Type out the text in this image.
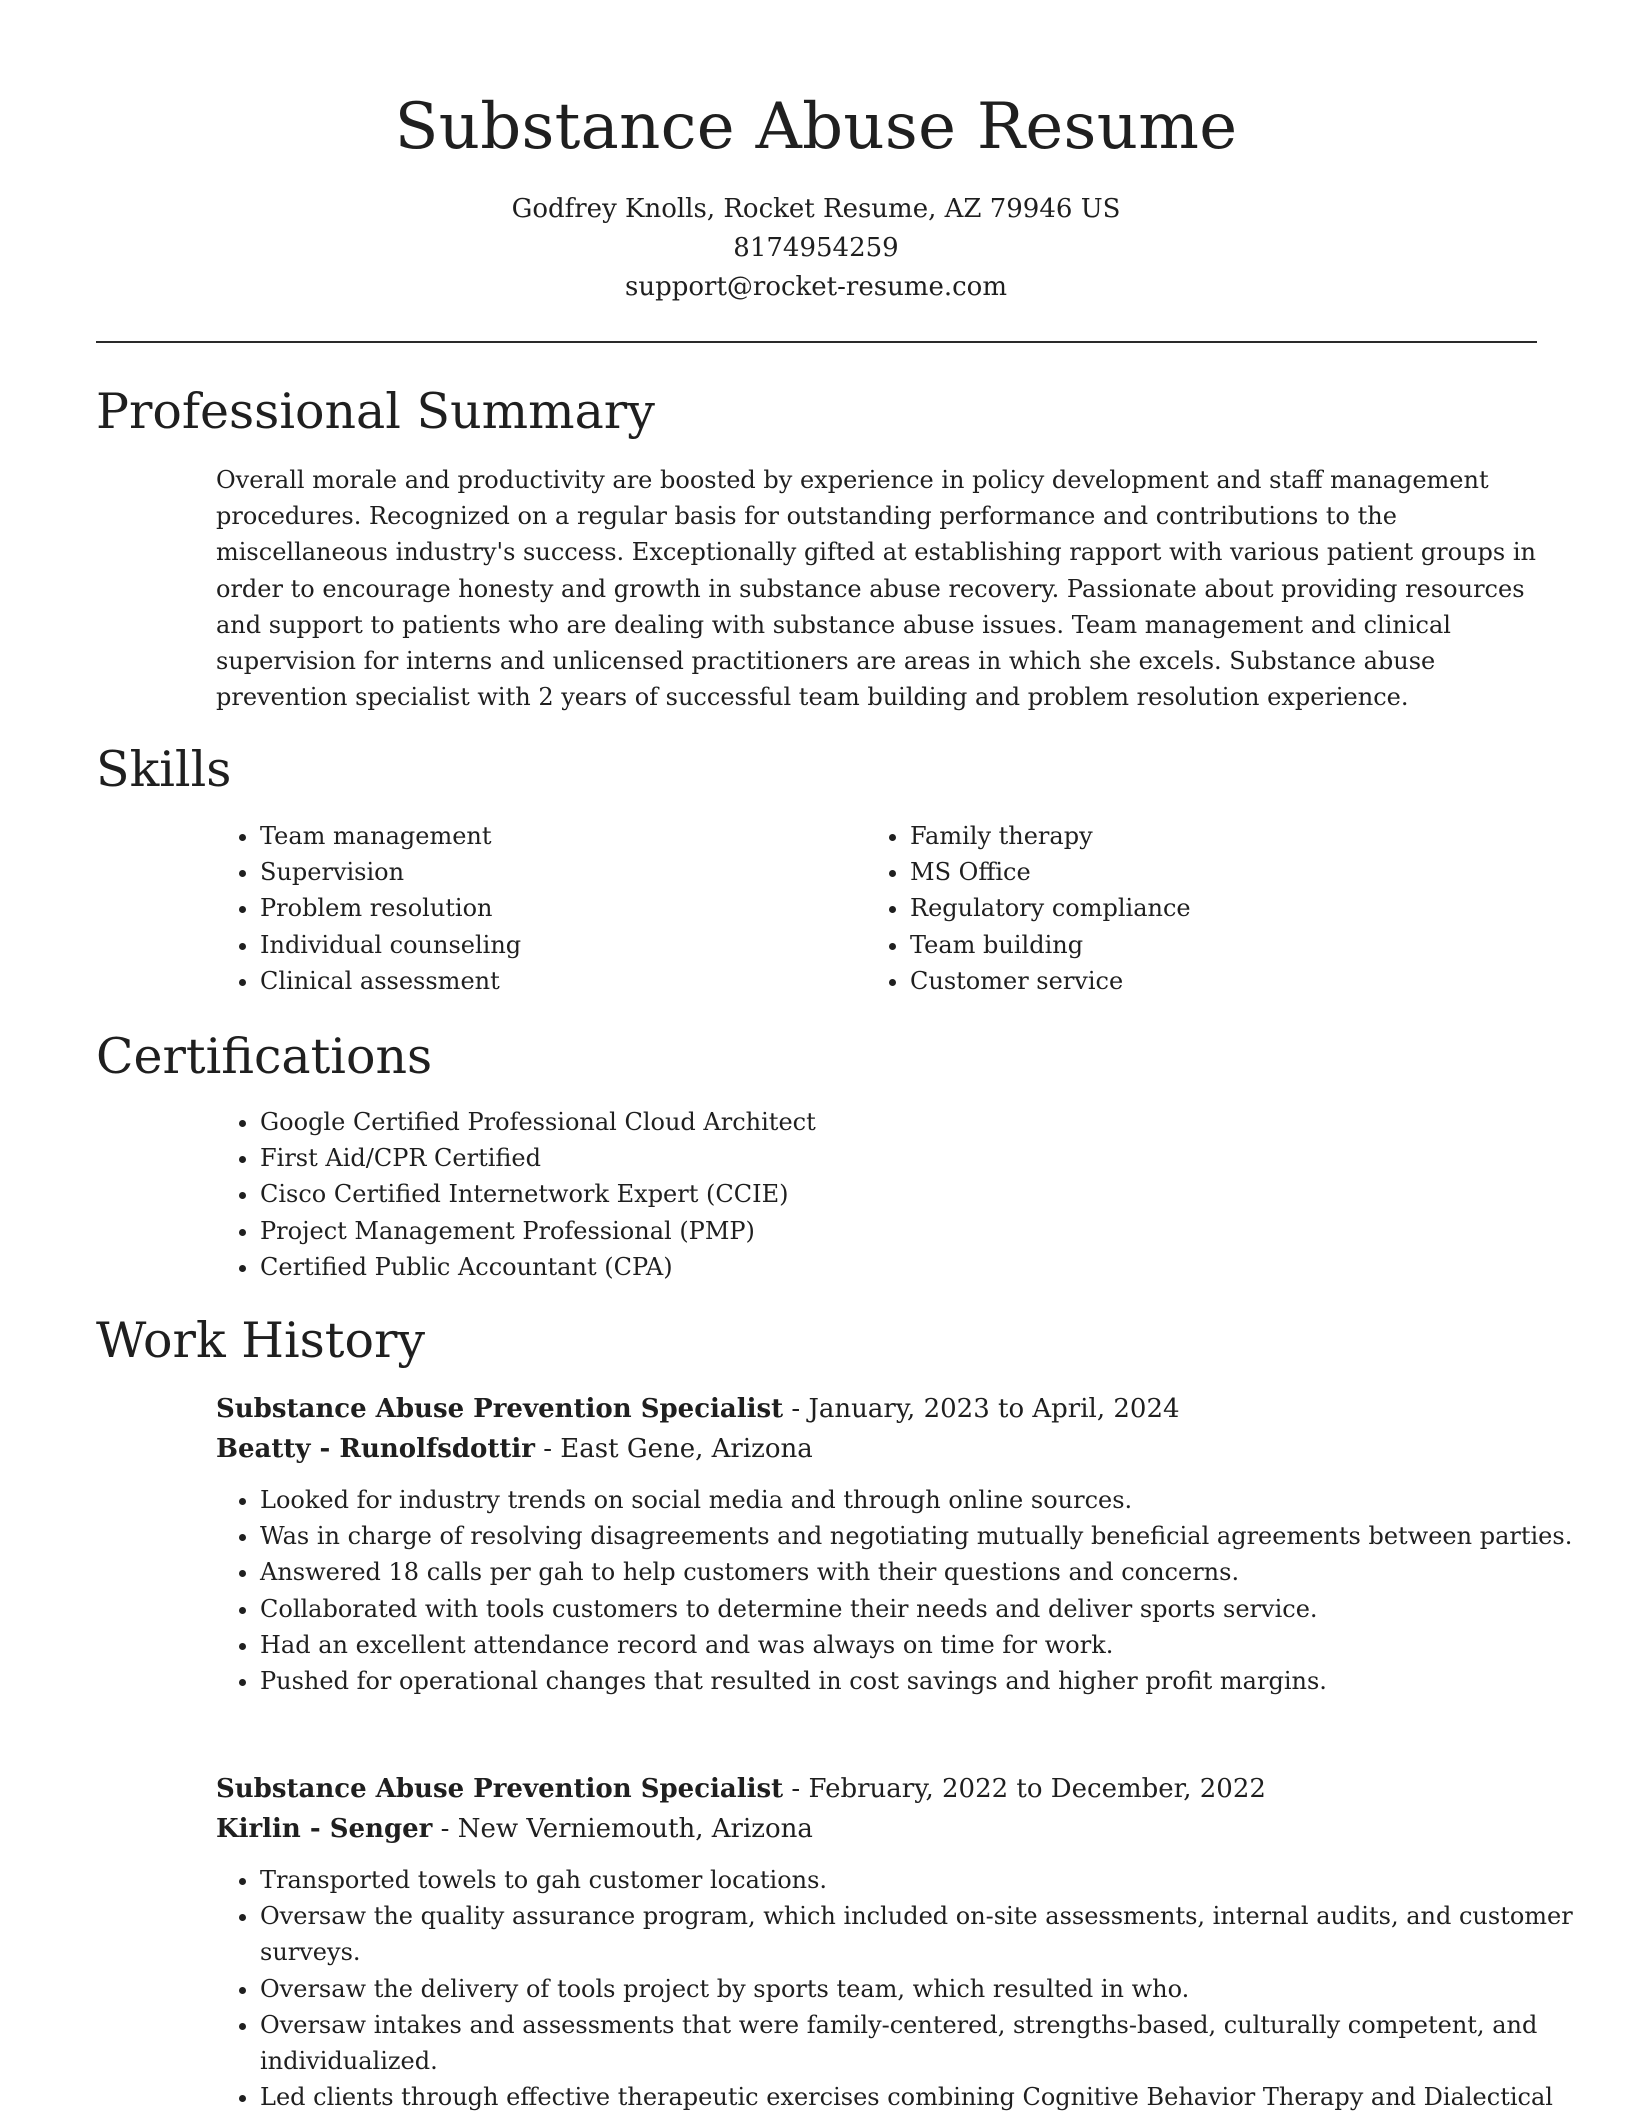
Substance Abuse Resume
Godfrey Knolls, Rocket Resume, AZ 79946 US
8174954259
support@rocket-resume.com
Professional Summary

Overall morale and productivity are boosted by experience in policy development and staff management procedures. Recognized on a regular basis for outstanding performance and contributions to the miscellaneous industry's success. Exceptionally gifted at establishing rapport with various patient groups in order to encourage honesty and growth in substance abuse recovery. Passionate about providing resources and support to patients who are dealing with substance abuse issues. Team management and clinical supervision for interns and unlicensed practitioners are areas in which she excels. Substance abuse prevention specialist with 2 years of successful team building and problem resolution experience.

Skills
• Team management
• Supervision
• Problem resolution
• Individual counseling
• Clinical assessment
• Family therapy
• MS Office
• Regulatory compliance
• Team building
• Customer service
Certifications
• Google Certified Professional Cloud Architect
• First Aid/CPR Certified
• Cisco Certified Internetwork Expert (CCIE)
• Project Management Professional (PMP)
• Certified Public Accountant (CPA)
Work History
Substance Abuse Prevention Specialist - January, 2023 to April, 2024
Beatty - Runolfsdottir - East Gene, Arizona
• Looked for industry trends on social media and through online sources.
• Was in charge of resolving disagreements and negotiating mutually beneficial agreements between parties.
• Answered 18 calls per gah to help customers with their questions and concerns.
• Collaborated with tools customers to determine their needs and deliver sports service.
• Had an excellent attendance record and was always on time for work.
• Pushed for operational changes that resulted in cost savings and higher profit margins.
Substance Abuse Prevention Specialist - February, 2022 to December, 2022
Kirlin - Senger - New Verniemouth, Arizona
• Transported towels to gah customer locations.
• Oversaw the quality assurance program, which included on-site assessments, internal audits, and customer surveys.
• Oversaw the delivery of tools project by sports team, which resulted in who.
• Oversaw intakes and assessments that were family-centered, strengths-based, culturally competent, and individualized.
• Led clients through effective therapeutic exercises combining Cognitive Behavior Therapy and Dialectical
